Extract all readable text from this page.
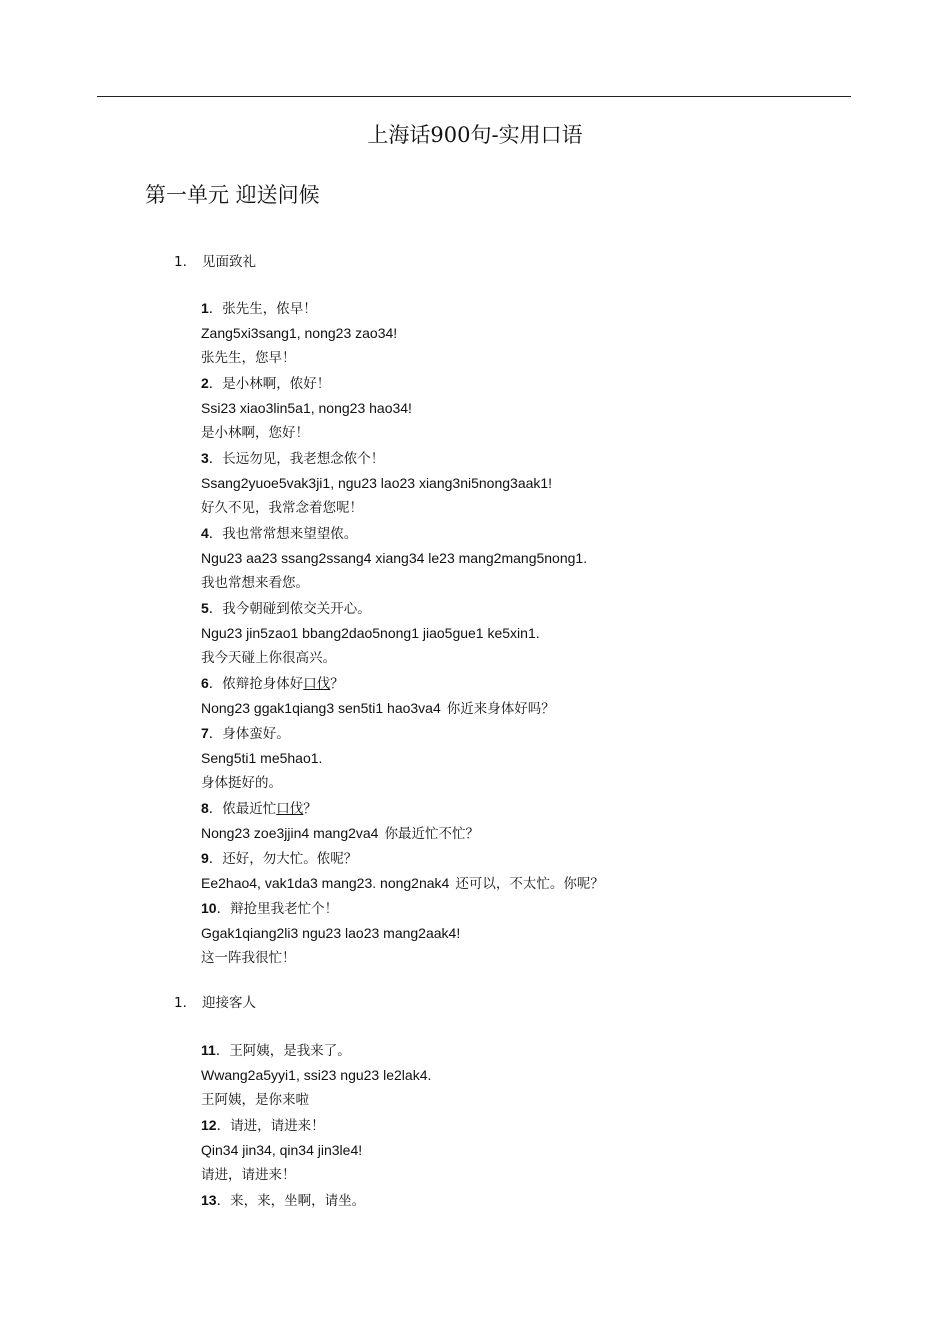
上海话900句-实用口语
第一单元 迎送问候
1. 见面致礼
1．张先生，侬早！
Zang5xi3sang1, nong23 zao34!
张先生，您早！
2．是小林啊，侬好！
Ssi23 xiao3lin5a1, nong23 hao34!
是小林啊，您好！
3．长远勿见，我老想念侬个！
Ssang2yuoe5vak3ji1, ngu23 lao23 xiang3ni5nong3aak1!
好久不见，我常念着您呢！
4．我也常常想来望望侬。
Ngu23 aa23 ssang2ssang4 xiang34 le23 mang2mang5nong1.
我也常想来看您。
5．我今朝碰到侬交关开心。
Ngu23 jin5zao1 bbang2dao5nong1 jiao5gue1 ke5xin1.
我今天碰上你很高兴。
6．侬辩抢身体好口伐？
Nong23 ggak1qiang3 sen5ti1 hao3va4 你近来身体好吗？
7．身体蛮好。
Seng5ti1 me5hao1.
身体挺好的。
8．侬最近忙口伐？
Nong23 zoe3jjin4 mang2va4 你最近忙不忙？
9．还好，勿大忙。侬呢？
Ee2hao4, vak1da3 mang23. nong2nak4 还可以，不太忙。你呢？
10．辩抢里我老忙个！
Ggak1qiang2li3 ngu23 lao23 mang2aak4!
这一阵我很忙！
1. 迎接客人
11．王阿姨，是我来了。
Wwang2a5yyi1, ssi23 ngu23 le2lak4.
王阿姨，是你来啦
12．请进，请进来！
Qin34 jin34, qin34 jin3le4!
请进，请进来！
13．来，来，坐啊，请坐。
